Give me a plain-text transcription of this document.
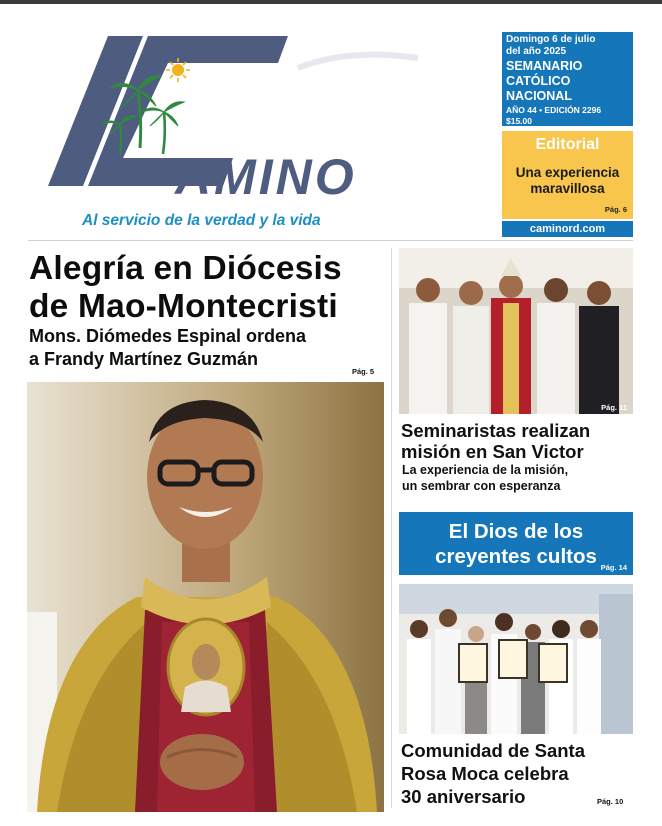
AMINO
Al servicio de la verdad y la vida
Domingo 6 de julio
del año 2025
SEMANARIO
CATÓLICO
NACIONAL
AÑO 44 • EDICIÓN 2296
$15.00
Editorial
Una experiencia maravillosa
Pág. 6
caminord.com
Alegría en Diócesis
de Mao-Montecristi
Mons. Diómedes Espinal ordena
a Frandy Martínez Guzmán
Pág. 5
Pág. 11
Seminaristas realizan
misión en San Victor
La experiencia de la misión,
un sembrar con esperanza
El Dios de los
creyentes cultos Pág. 14
Comunidad de Santa
Rosa Moca celebra
30 aniversario	Pág. 10
